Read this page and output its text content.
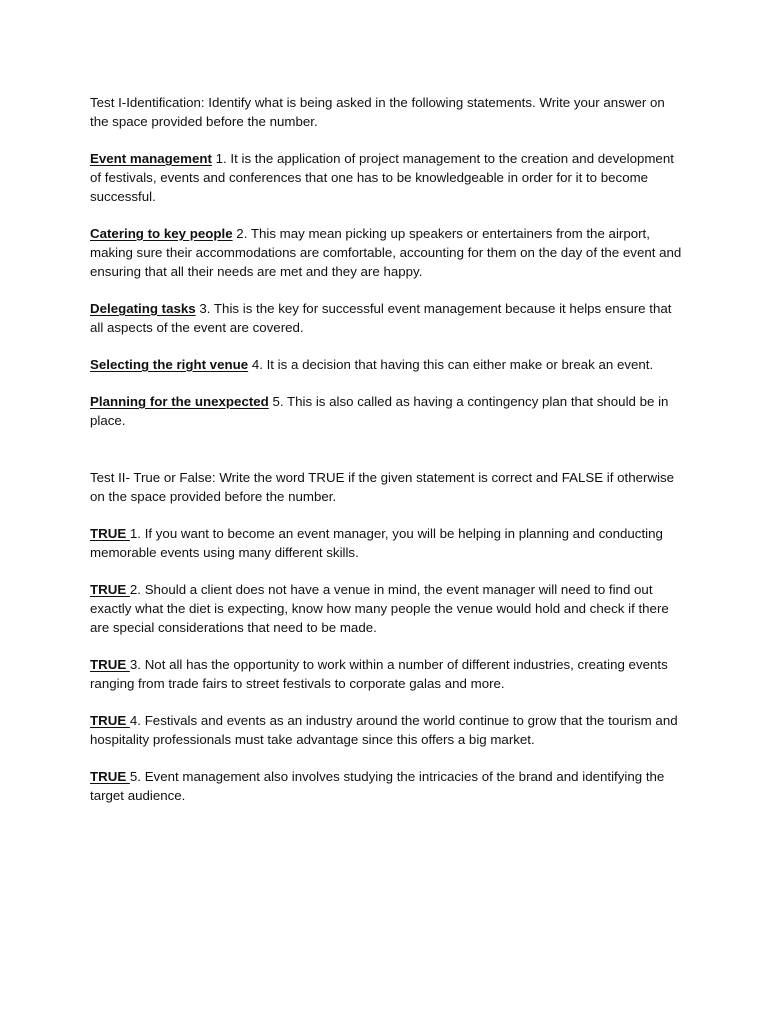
Test I-Identification: Identify what is being asked in the following statements. Write your answer on the space provided before the number.

Event management 1. It is the application of project management to the creation and development of festivals, events and conferences that one has to be knowledgeable in order for it to become successful.

Catering to key people 2. This may mean picking up speakers or entertainers from the airport, making sure their accommodations are comfortable, accounting for them on the day of the event and ensuring that all their needs are met and they are happy.

Delegating tasks 3. This is the key for successful event management because it helps ensure that all aspects of the event are covered.

Selecting the right venue 4. It is a decision that having this can either make or break an event.

Planning for the unexpected 5. This is also called as having a contingency plan that should be in place.

Test II- True or False: Write the word TRUE if the given statement is correct and FALSE if otherwise on the space provided before the number.

TRUE 1. If you want to become an event manager, you will be helping in planning and conducting memorable events using many different skills.

TRUE 2. Should a client does not have a venue in mind, the event manager will need to find out exactly what the diet is expecting, know how many people the venue would hold and check if there are special considerations that need to be made.

TRUE 3. Not all has the opportunity to work within a number of different industries, creating events ranging from trade fairs to street festivals to corporate galas and more.

TRUE 4. Festivals and events as an industry around the world continue to grow that the tourism and hospitality professionals must take advantage since this offers a big market.

TRUE 5. Event management also involves studying the intricacies of the brand and identifying the target audience.
